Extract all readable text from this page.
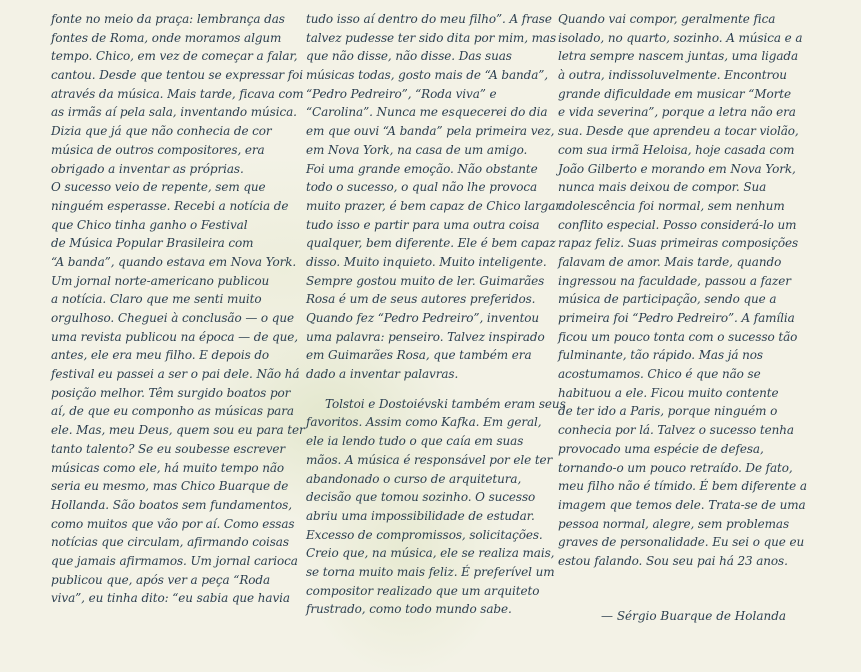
fonte no meio da praça: lembrança das
fontes de Roma, onde moramos algum
tempo. Chico, em vez de começar a falar,
cantou. Desde que tentou se expressar foi
através da música. Mais tarde, ficava com
as irmãs aí pela sala, inventando música.
Dizia que já que não conhecia de cor
música de outros compositores, era
obrigado a inventar as próprias.
O sucesso veio de repente, sem que
ninguém esperasse. Recebi a notícia de
que Chico tinha ganho o Festival
de Música Popular Brasileira com
“A banda”, quando estava em Nova York.
Um jornal norte-americano publicou
a notícia. Claro que me senti muito
orgulhoso. Cheguei à conclusão — o que
uma revista publicou na época — de que,
antes, ele era meu filho. E depois do
festival eu passei a ser o pai dele. Não há
posição melhor. Têm surgido boatos por
aí, de que eu componho as músicas para
ele. Mas, meu Deus, quem sou eu para ter
tanto talento? Se eu soubesse escrever
músicas como ele, há muito tempo não
seria eu mesmo, mas Chico Buarque de
Hollanda. São boatos sem fundamentos,
como muitos que vão por aí. Como essas
notícias que circulam, afirmando coisas
que jamais afirmamos. Um jornal carioca
publicou que, após ver a peça “Roda
viva”, eu tinha dito: “eu sabia que havia
tudo isso aí dentro do meu filho”. A frase
talvez pudesse ter sido dita por mim, mas
que não disse, não disse. Das suas
músicas todas, gosto mais de “A banda”,
“Pedro Pedreiro”, “Roda viva” e
“Carolina”. Nunca me esquecerei do dia
em que ouvi “A banda” pela primeira vez,
em Nova York, na casa de um amigo.
Foi uma grande emoção. Não obstante
todo o sucesso, o qual não lhe provoca
muito prazer, é bem capaz de Chico largar
tudo isso e partir para uma outra coisa
qualquer, bem diferente. Ele é bem capaz
disso. Muito inquieto. Muito inteligente.
Sempre gostou muito de ler. Guimarães
Rosa é um de seus autores preferidos.
Quando fez “Pedro Pedreiro”, inventou
uma palavra: penseiro. Talvez inspirado
em Guimarães Rosa, que também era
dado a inventar palavras.
Tolstoi e Dostoiévski também eram seus
favoritos. Assim como Kafka. Em geral,
ele ia lendo tudo o que caía em suas
mãos. A música é responsável por ele ter
abandonado o curso de arquitetura,
decisão que tomou sozinho. O sucesso
abriu uma impossibilidade de estudar.
Excesso de compromissos, solicitações.
Creio que, na música, ele se realiza mais,
se torna muito mais feliz. É preferível um
compositor realizado que um arquiteto
frustrado, como todo mundo sabe.
Quando vai compor, geralmente fica
isolado, no quarto, sozinho. A música e a
letra sempre nascem juntas, uma ligada
à outra, indissoluvelmente. Encontrou
grande dificuldade em musicar “Morte
e vida severina”, porque a letra não era
sua. Desde que aprendeu a tocar violão,
com sua irmã Heloisa, hoje casada com
João Gilberto e morando em Nova York,
nunca mais deixou de compor. Sua
adolescência foi normal, sem nenhum
conflito especial. Posso considerá-lo um
rapaz feliz. Suas primeiras composições
falavam de amor. Mais tarde, quando
ingressou na faculdade, passou a fazer
música de participação, sendo que a
primeira foi “Pedro Pedreiro”. A família
ficou um pouco tonta com o sucesso tão
fulminante, tão rápido. Mas já nos
acostumamos. Chico é que não se
habituou a ele. Ficou muito contente
de ter ido a Paris, porque ninguém o
conhecia por lá. Talvez o sucesso tenha
provocado uma espécie de defesa,
tornando-o um pouco retraído. De fato,
meu filho não é tímido. É bem diferente a
imagem que temos dele. Trata-se de uma
pessoa normal, alegre, sem problemas
graves de personalidade. Eu sei o que eu
estou falando. Sou seu pai há 23 anos.
— Sérgio Buarque de Holanda
